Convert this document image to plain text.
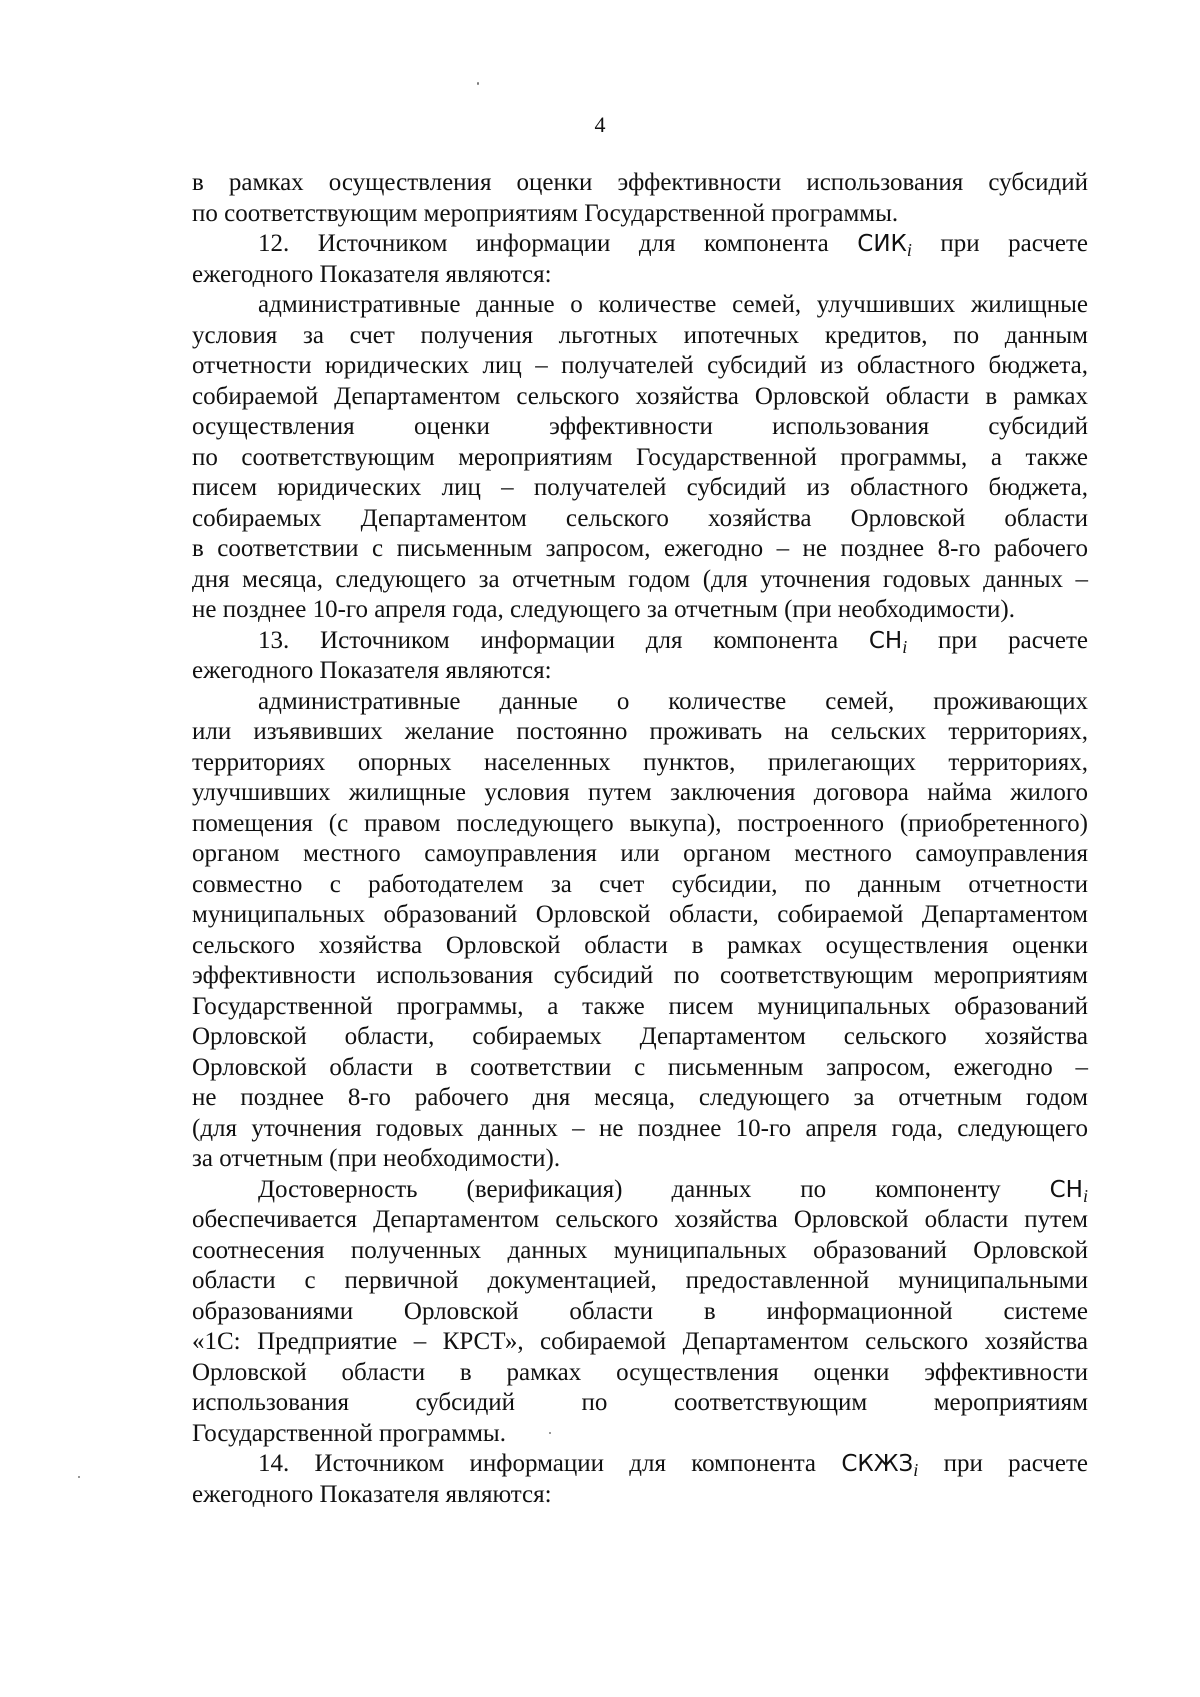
4
в рамках осуществления оценки эффективности использования субсидий
по соответствующим мероприятиям Государственной программы.
12. Источником информации для компонента $СИК_i$ при расчете
ежегодного Показателя являются:
административные данные о количестве семей, улучшивших жилищные
условия за счет получения льготных ипотечных кредитов, по данным
отчетности юридических лиц – получателей субсидий из областного бюджета,
собираемой Департаментом сельского хозяйства Орловской области в рамках
осуществления оценки эффективности использования субсидий
по соответствующим мероприятиям Государственной программы, а также
писем юридических лиц – получателей субсидий из областного бюджета,
собираемых Департаментом сельского хозяйства Орловской области
в соответствии с письменным запросом, ежегодно – не позднее 8-го рабочего
дня месяца, следующего за отчетным годом (для уточнения годовых данных –
не позднее 10-го апреля года, следующего за отчетным (при необходимости).
13. Источником информации для компонента $СН_i$ при расчете
ежегодного Показателя являются:
административные данные о количестве семей, проживающих
или изъявивших желание постоянно проживать на сельских территориях,
территориях опорных населенных пунктов, прилегающих территориях,
улучшивших жилищные условия путем заключения договора найма жилого
помещения (с правом последующего выкупа), построенного (приобретенного)
органом местного самоуправления или органом местного самоуправления
совместно с работодателем за счет субсидии, по данным отчетности
муниципальных образований Орловской области, собираемой Департаментом
сельского хозяйства Орловской области в рамках осуществления оценки
эффективности использования субсидий по соответствующим мероприятиям
Государственной программы, а также писем муниципальных образований
Орловской области, собираемых Департаментом сельского хозяйства
Орловской области в соответствии с письменным запросом, ежегодно –
не позднее 8-го рабочего дня месяца, следующего за отчетным годом
(для уточнения годовых данных – не позднее 10-го апреля года, следующего
за отчетным (при необходимости).
Достоверность (верификация) данных по компоненту $СН_i$
обеспечивается Департаментом сельского хозяйства Орловской области путем
соотнесения полученных данных муниципальных образований Орловской
области с первичной документацией, предоставленной муниципальными
образованиями Орловской области в информационной системе
«1С: Предприятие – КРСТ», собираемой Департаментом сельского хозяйства
Орловской области в рамках осуществления оценки эффективности
использования субсидий по соответствующим мероприятиям
Государственной программы.
14. Источником информации для компонента $СКЖЗ_i$ при расчете
ежегодного Показателя являются:
